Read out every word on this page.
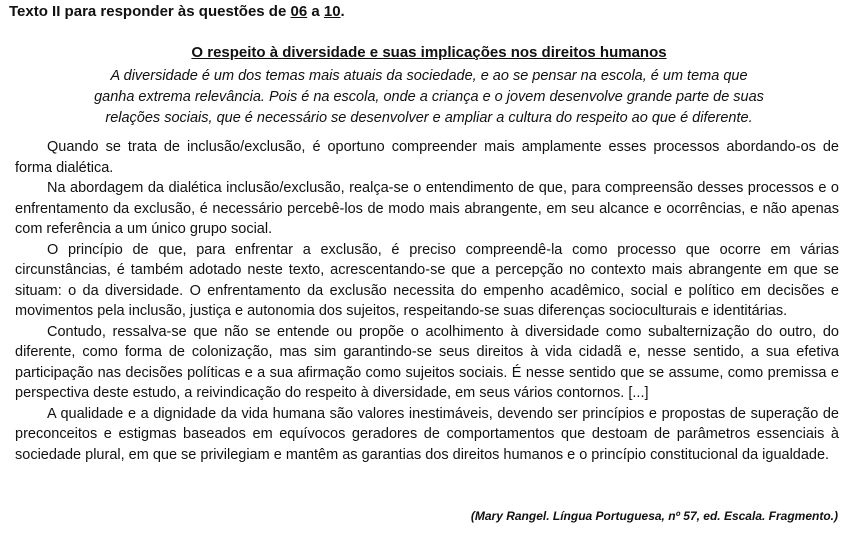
Texto II para responder às questões de 06 a 10.
O respeito à diversidade e suas implicações nos direitos humanos
A diversidade é um dos temas mais atuais da sociedade, e ao se pensar na escola, é um tema que
ganha extrema relevância. Pois é na escola, onde a criança e o jovem desenvolve grande parte de suas
relações sociais, que é necessário se desenvolver e ampliar a cultura do respeito ao que é diferente.

Quando se trata de inclusão/exclusão, é oportuno compreender mais amplamente esses processos abordando-os de forma dialética.

Na abordagem da dialética inclusão/exclusão, realça-se o entendimento de que, para compreensão desses processos e o enfrentamento da exclusão, é necessário percebê-los de modo mais abrangente, em seu alcance e ocorrências, e não apenas com referência a um único grupo social.

O princípio de que, para enfrentar a exclusão, é preciso compreendê-la como processo que ocorre em várias circunstâncias, é também adotado neste texto, acrescentando-se que a percepção no contexto mais abrangente em que se situam: o da diversidade. O enfrentamento da exclusão necessita do empenho acadêmico, social e político em decisões e movimentos pela inclusão, justiça e autonomia dos sujeitos, respeitando-se suas diferenças socioculturais e identitárias.

Contudo, ressalva-se que não se entende ou propõe o acolhimento à diversidade como subalternização do outro, do diferente, como forma de colonização, mas sim garantindo-se seus direitos à vida cidadã e, nesse sentido, a sua efetiva participação nas decisões políticas e a sua afirmação como sujeitos sociais. É nesse sentido que se assume, como premissa e perspectiva deste estudo, a reivindicação do respeito à diversidade, em seus vários contornos. [...]

A qualidade e a dignidade da vida humana são valores inestimáveis, devendo ser princípios e propostas de superação de preconceitos e estigmas baseados em equívocos geradores de comportamentos que destoam de parâmetros essenciais à sociedade plural, em que se privilegiam e mantêm as garantias dos direitos humanos e o princípio constitucional da igualdade.

(Mary Rangel. Língua Portuguesa, nº 57, ed. Escala. Fragmento.)
